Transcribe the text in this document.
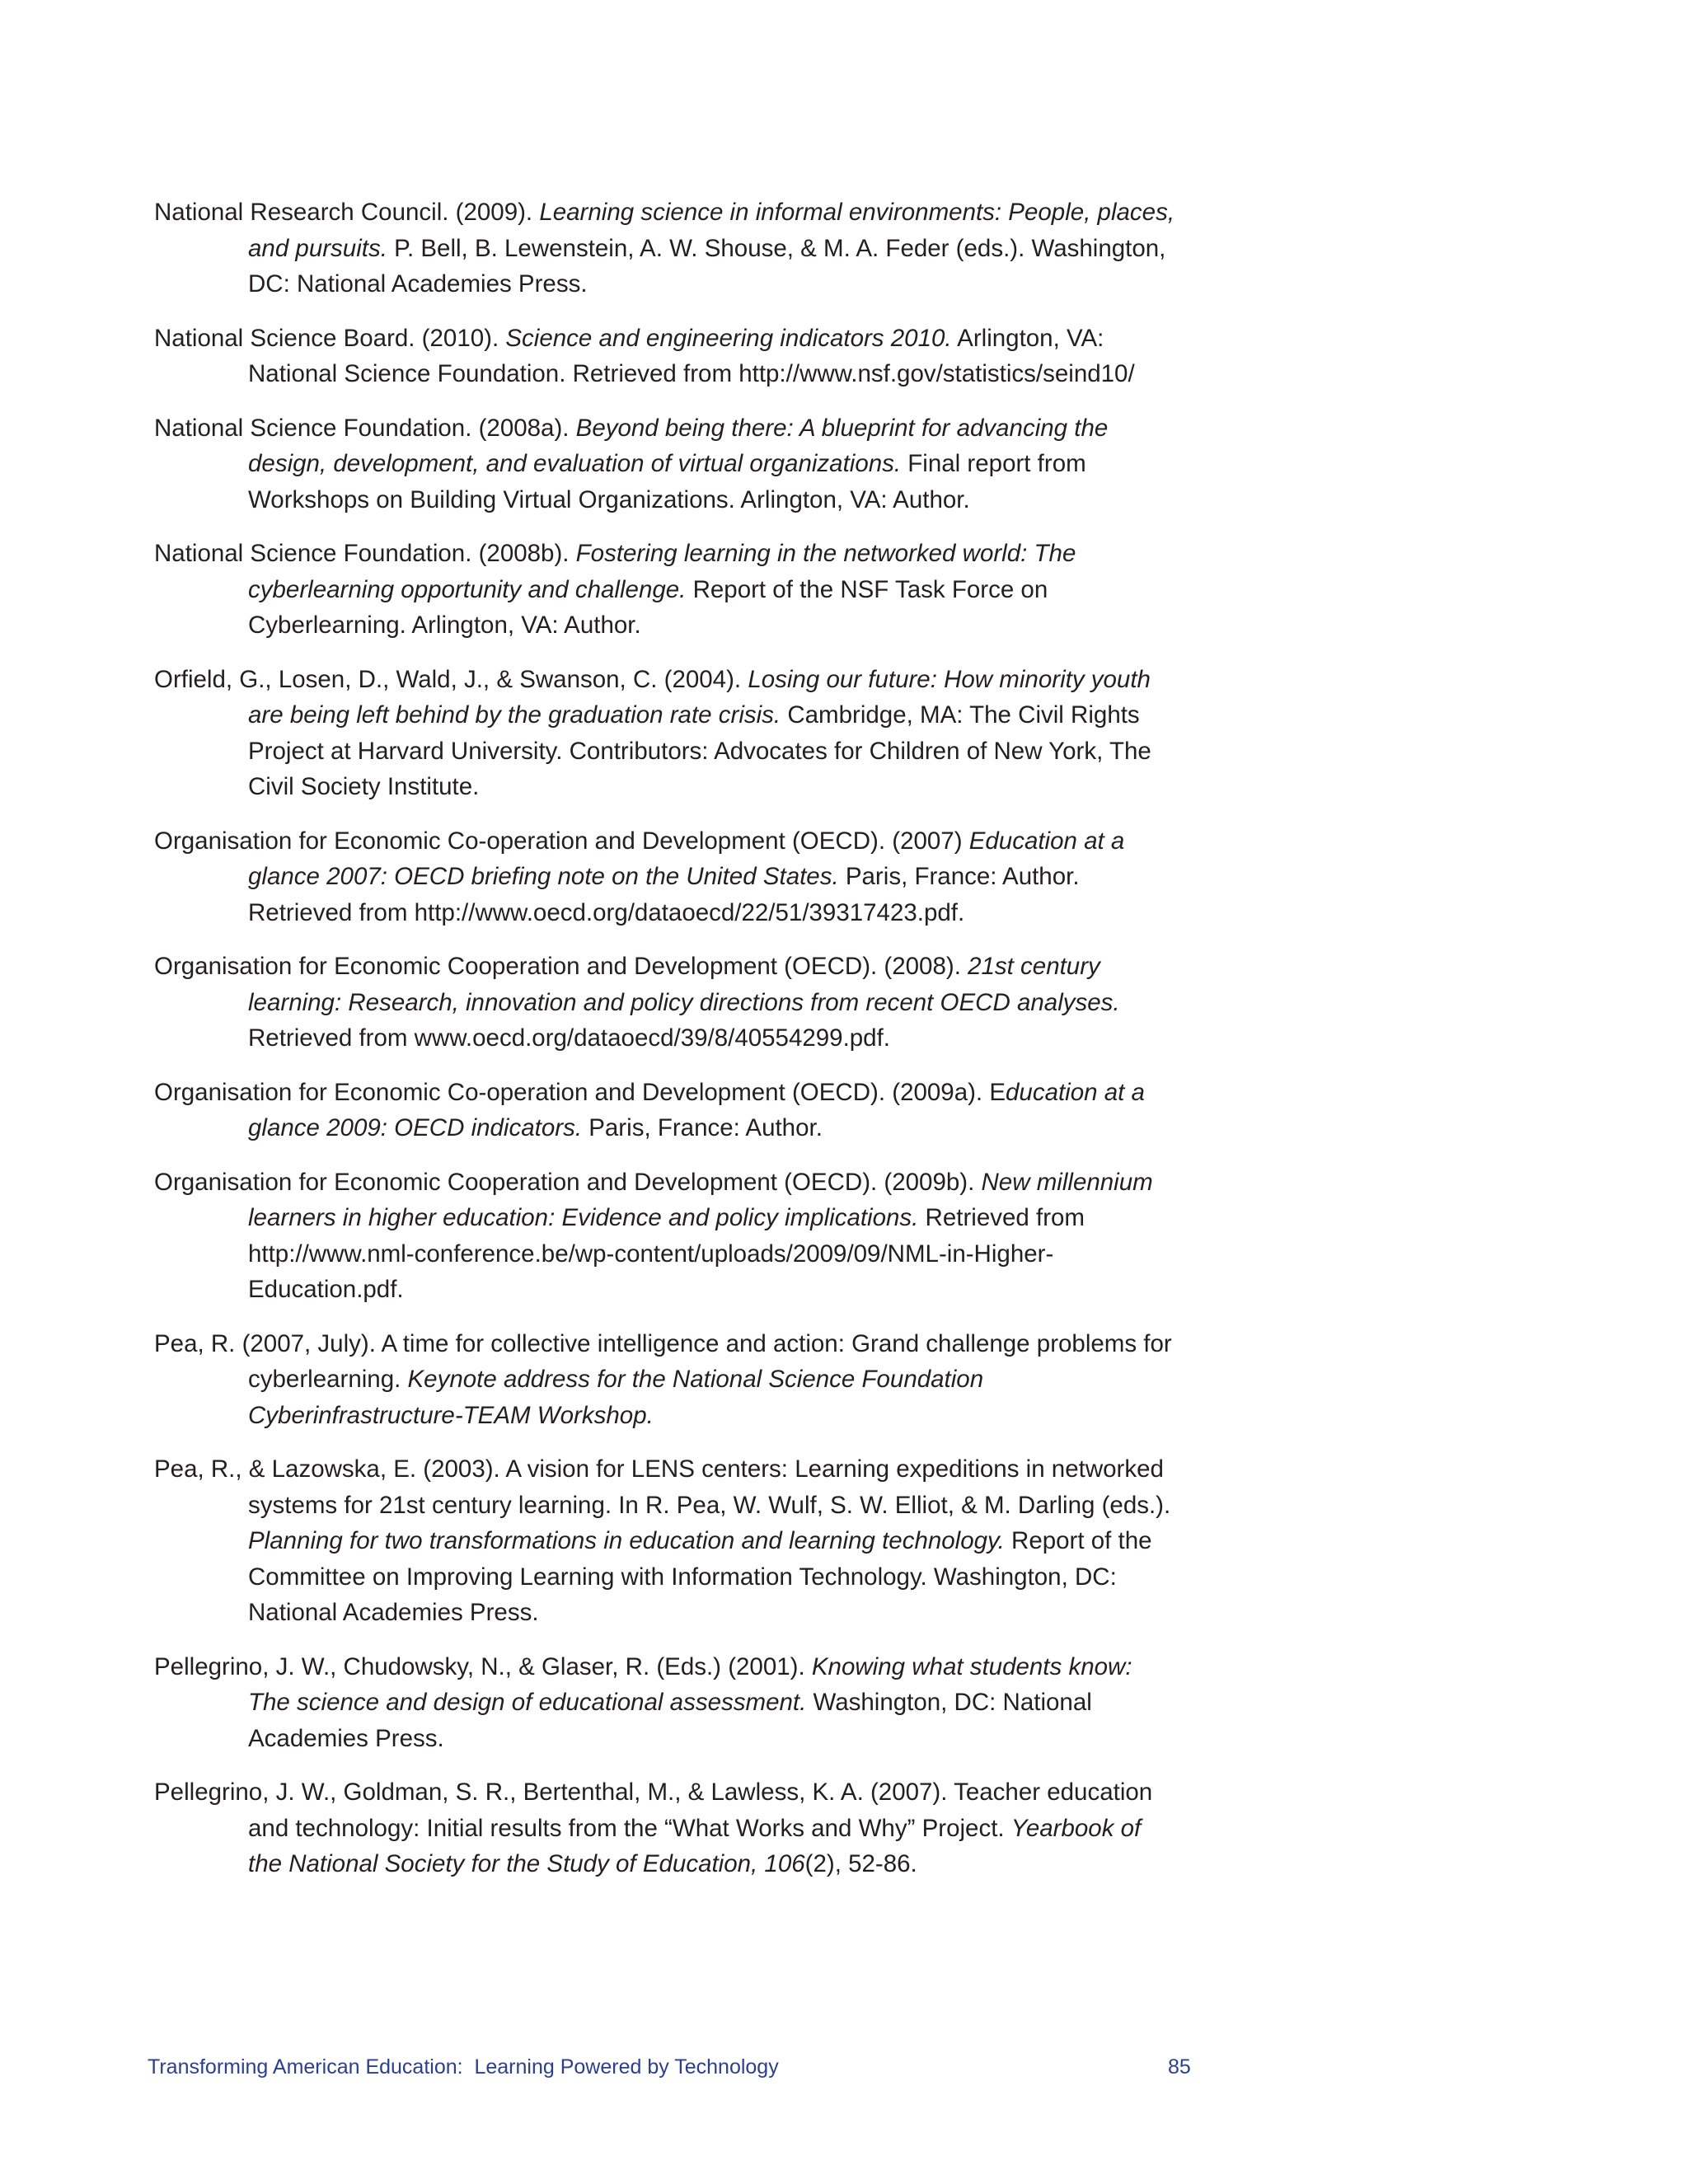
National Research Council. (2009). Learning science in informal environments: People, places, and pursuits. P. Bell, B. Lewenstein, A. W. Shouse, & M. A. Feder (eds.). Washington, DC: National Academies Press.

National Science Board. (2010). Science and engineering indicators 2010. Arlington, VA: National Science Foundation. Retrieved from http://www.nsf.gov/statistics/seind10/

National Science Foundation. (2008a). Beyond being there: A blueprint for advancing the design, development, and evaluation of virtual organizations. Final report from Workshops on Building Virtual Organizations. Arlington, VA: Author.

National Science Foundation. (2008b). Fostering learning in the networked world: The cyberlearning opportunity and challenge. Report of the NSF Task Force on Cyberlearning. Arlington, VA: Author.

Orfield, G., Losen, D., Wald, J., & Swanson, C. (2004). Losing our future: How minority youth are being left behind by the graduation rate crisis. Cambridge, MA: The Civil Rights Project at Harvard University. Contributors: Advocates for Children of New York, The Civil Society Institute.

Organisation for Economic Co-operation and Development (OECD). (2007) Education at a glance 2007: OECD briefing note on the United States. Paris, France: Author. Retrieved from http://www.oecd.org/dataoecd/22/51/39317423.pdf.

Organisation for Economic Cooperation and Development (OECD). (2008). 21st century learning: Research, innovation and policy directions from recent OECD analyses. Retrieved from www.oecd.org/dataoecd/39/8/40554299.pdf.

Organisation for Economic Co-operation and Development (OECD). (2009a). Education at a glance 2009: OECD indicators. Paris, France: Author.

Organisation for Economic Cooperation and Development (OECD). (2009b). New millennium learners in higher education: Evidence and policy implications. Retrieved from http://www.nml-conference.be/wp-content/uploads/2009/09/NML-in-Higher-Education.pdf.

Pea, R. (2007, July). A time for collective intelligence and action: Grand challenge problems for cyberlearning. Keynote address for the National Science Foundation Cyberinfrastructure-TEAM Workshop.

Pea, R., & Lazowska, E. (2003). A vision for LENS centers: Learning expeditions in networked systems for 21st century learning. In R. Pea, W. Wulf, S. W. Elliot, & M. Darling (eds.). Planning for two transformations in education and learning technology. Report of the Committee on Improving Learning with Information Technology. Washington, DC: National Academies Press.

Pellegrino, J. W., Chudowsky, N., & Glaser, R. (Eds.) (2001). Knowing what students know: The science and design of educational assessment. Washington, DC: National Academies Press.

Pellegrino, J. W., Goldman, S. R., Bertenthal, M., & Lawless, K. A. (2007). Teacher education and technology: Initial results from the “What Works and Why” Project. Yearbook of the National Society for the Study of Education, 106(2), 52-86.

Transforming American Education:  Learning Powered by Technology	85
